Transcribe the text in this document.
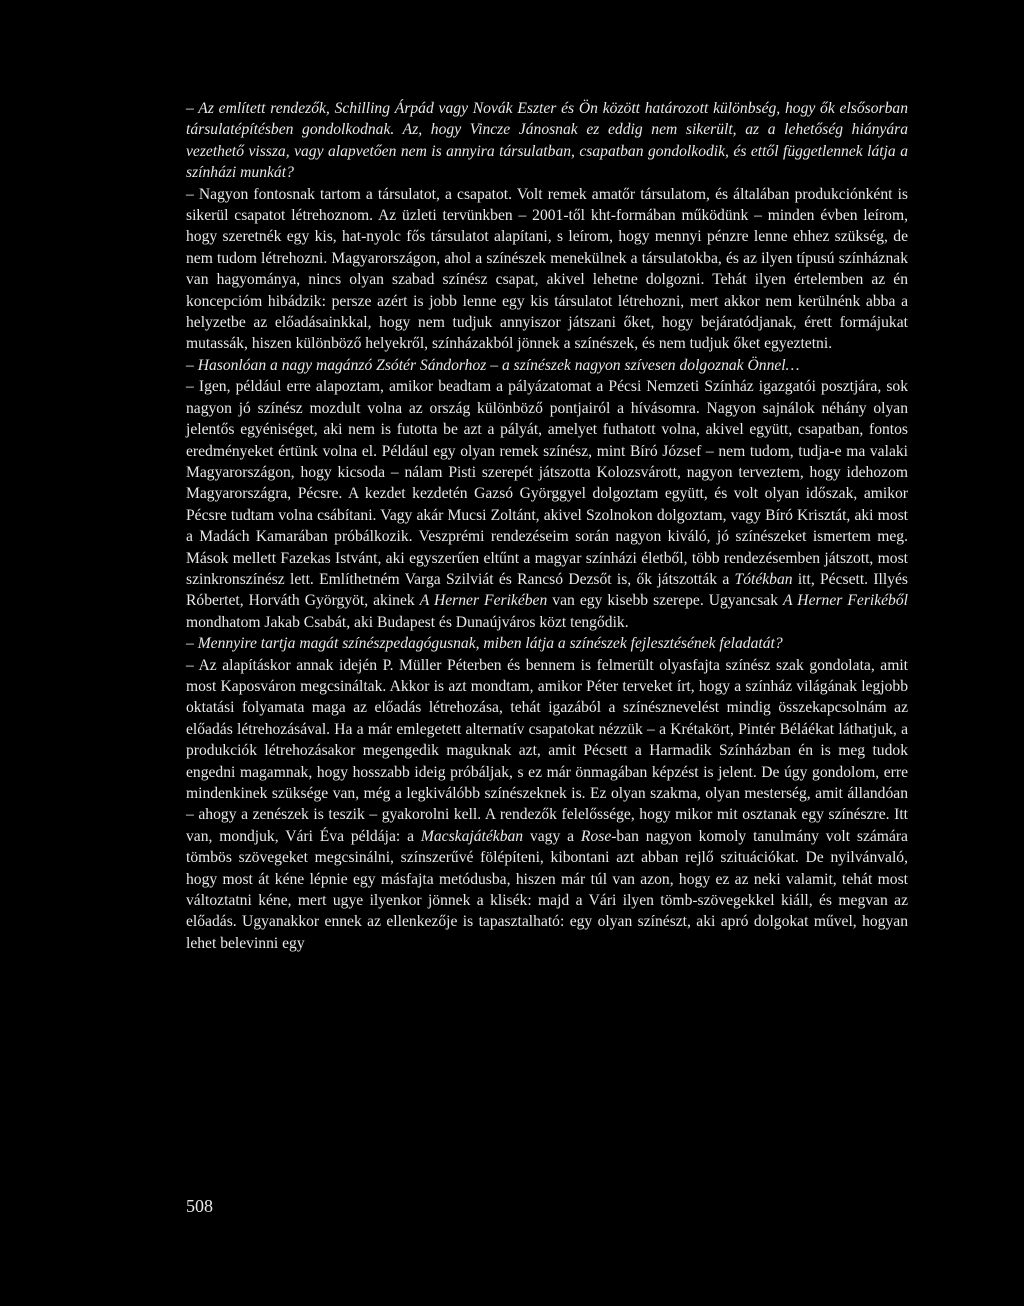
– Az említett rendezők, Schilling Árpád vagy Novák Eszter és Ön között határozott különbség, hogy ők elsősorban társulatépítésben gondolkodnak. Az, hogy Vincze Jánosnak ez eddig nem sikerült, az a lehetőség hiányára vezethető vissza, vagy alapvetően nem is annyira társulatban, csapatban gondolkodik, és ettől függetlennek látja a színházi munkát?

– Nagyon fontosnak tartom a társulatot, a csapatot. Volt remek amatőr társulatom, és általában produkciónként is sikerül csapatot létrehoznom. Az üzleti tervünkben – 2001-től kht-formában működünk – minden évben leírom, hogy szeretnék egy kis, hat-nyolc fős társulatot alapítani, s leírom, hogy mennyi pénzre lenne ehhez szükség, de nem tudom létrehozni. Magyarországon, ahol a színészek menekülnek a társulatokba, és az ilyen típusú színháznak van hagyománya, nincs olyan szabad színész csapat, akivel lehetne dolgozni. Tehát ilyen értelemben az én koncepcióm hibádzik: persze azért is jobb lenne egy kis társulatot létrehozni, mert akkor nem kerülnénk abba a helyzetbe az előadásainkkal, hogy nem tudjuk annyiszor játszani őket, hogy bejáratódjanak, érett formájukat mutassák, hiszen különböző helyekről, színházakból jönnek a színészek, és nem tudjuk őket egyeztetni.

– Hasonlóan a nagy magánzó Zsótér Sándorhoz – a színészek nagyon szívesen dolgoznak Önnel…

– Igen, például erre alapoztam, amikor beadtam a pályázatomat a Pécsi Nemzeti Színház igazgatói posztjára, sok nagyon jó színész mozdult volna az ország különböző pontjairól a hívásomra. Nagyon sajnálok néhány olyan jelentős egyéniséget, aki nem is futotta be azt a pályát, amelyet futhatott volna, akivel együtt, csapatban, fontos eredményeket értünk volna el. Például egy olyan remek színész, mint Bíró József – nem tudom, tudja-e ma valaki Magyarországon, hogy kicsoda – nálam Pisti szerepét játszotta Kolozsvárott, nagyon terveztem, hogy idehozom Magyarországra, Pécsre. A kezdet kezdetén Gazsó Györggyel dolgoztam együtt, és volt olyan időszak, amikor Pécsre tudtam volna csábítani. Vagy akár Mucsi Zoltánt, akivel Szolnokon dolgoztam, vagy Bíró Krisztát, aki most a Madách Kamarában próbálkozik. Veszprémi rendezéseim során nagyon kiváló, jó színészeket ismertem meg. Mások mellett Fazekas Istvánt, aki egyszerűen eltűnt a magyar színházi életből, több rendezésemben játszott, most szinkronszínész lett. Említhetném Varga Szilviát és Rancsó Dezsőt is, ők játszották a Tótékban itt, Pécsett. Illyés Róbertet, Horváth Györgyöt, akinek A Herner Ferikében van egy kisebb szerepe. Ugyancsak A Herner Ferikéből mondhatom Jakab Csabát, aki Budapest és Dunaújváros közt tengődik.

– Mennyire tartja magát színészpedagógusnak, miben látja a színészek fejlesztésének feladatát?

– Az alapításkor annak idején P. Müller Péterben és bennem is felmerült olyasfajta színész szak gondolata, amit most Kaposváron megcsináltak. Akkor is azt mondtam, amikor Péter terveket írt, hogy a színház világának legjobb oktatási folyamata maga az előadás létrehozása, tehát igazából a színésznevelést mindig összekapcsolnám az előadás létrehozásával. Ha a már emlegetett alternatív csapatokat nézzük – a Krétakört, Pintér Béláékat láthatjuk, a produkciók létrehozásakor megengedik maguknak azt, amit Pécsett a Harmadik Színházban én is meg tudok engedni magamnak, hogy hosszabb ideig próbáljak, s ez már önmagában képzést is jelent. De úgy gondolom, erre mindenkinek szüksége van, még a legkiválóbb színészeknek is. Ez olyan szakma, olyan mesterség, amit állandóan – ahogy a zenészek is teszik – gyakorolni kell. A rendezők felelőssége, hogy mikor mit osztanak egy színészre. Itt van, mondjuk, Vári Éva példája: a Macskajátékban vagy a Rose-ban nagyon komoly tanulmány volt számára tömbös szövegeket megcsinálni, színszerűvé fölépíteni, kibontani azt abban rejlő szituációkat. De nyilvánvaló, hogy most át kéne lépnie egy másfajta metódusba, hiszen már túl van azon, hogy ez az neki valamit, tehát most változtatni kéne, mert ugye ilyenkor jönnek a klisék: majd a Vári ilyen tömb-szövegekkel kiáll, és megvan az előadás. Ugyanakkor ennek az ellenkezője is tapasztalható: egy olyan színészt, aki apró dolgokat művel, hogyan lehet belevinni egy

508
